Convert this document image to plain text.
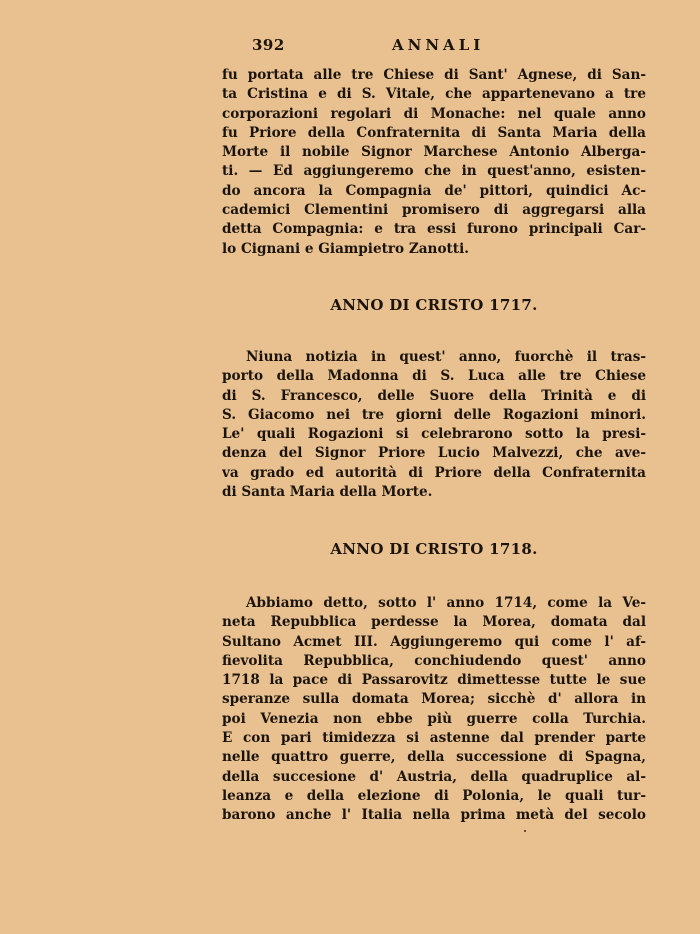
392	ANNALI
fu portata alle tre Chiese di Sant' Agnese, di San-
ta Cristina e di S. Vitale, che appartenevano a tre
corporazioni regolari di Monache: nel quale anno
fu Priore della Confraternita di Santa Maria della
Morte il nobile Signor Marchese Antonio Alberga-
ti. — Ed aggiungeremo che in quest'anno, esisten-
do ancora la Compagnia de' pittori, quindici Ac-
cademici Clementini promisero di aggregarsi alla
detta Compagnia: e tra essi furono principali Car-
lo Cignani e Giampietro Zanotti.
ANNO DI CRISTO 1717.
Niuna notizia in quest' anno, fuorchè il tras-
porto della Madonna di S. Luca alle tre Chiese
di S. Francesco, delle Suore della Trinità e di
S. Giacomo nei tre giorni delle Rogazioni minori.
Le' quali Rogazioni si celebrarono sotto la presi-
denza del Signor Priore Lucio Malvezzi, che ave-
va grado ed autorità di Priore della Confraternita
di Santa Maria della Morte.
ANNO DI CRISTO 1718.
Abbiamo detto, sotto l' anno 1714, come la Ve-
neta Repubblica perdesse la Morea, domata dal
Sultano Acmet III. Aggiungeremo qui come l' af-
fievolita Repubblica, conchiudendo quest' anno
1718 la pace di Passarovitz dimettesse tutte le sue
speranze sulla domata Morea; sicchè d' allora in
poi Venezia non ebbe più guerre colla Turchia.
E con pari timidezza si astenne dal prender parte
nelle quattro guerre, della successione di Spagna,
della succesione d' Austria, della quadruplice al-
leanza e della elezione di Polonia, le quali tur-
barono anche l' Italia nella prima metà del secolo
